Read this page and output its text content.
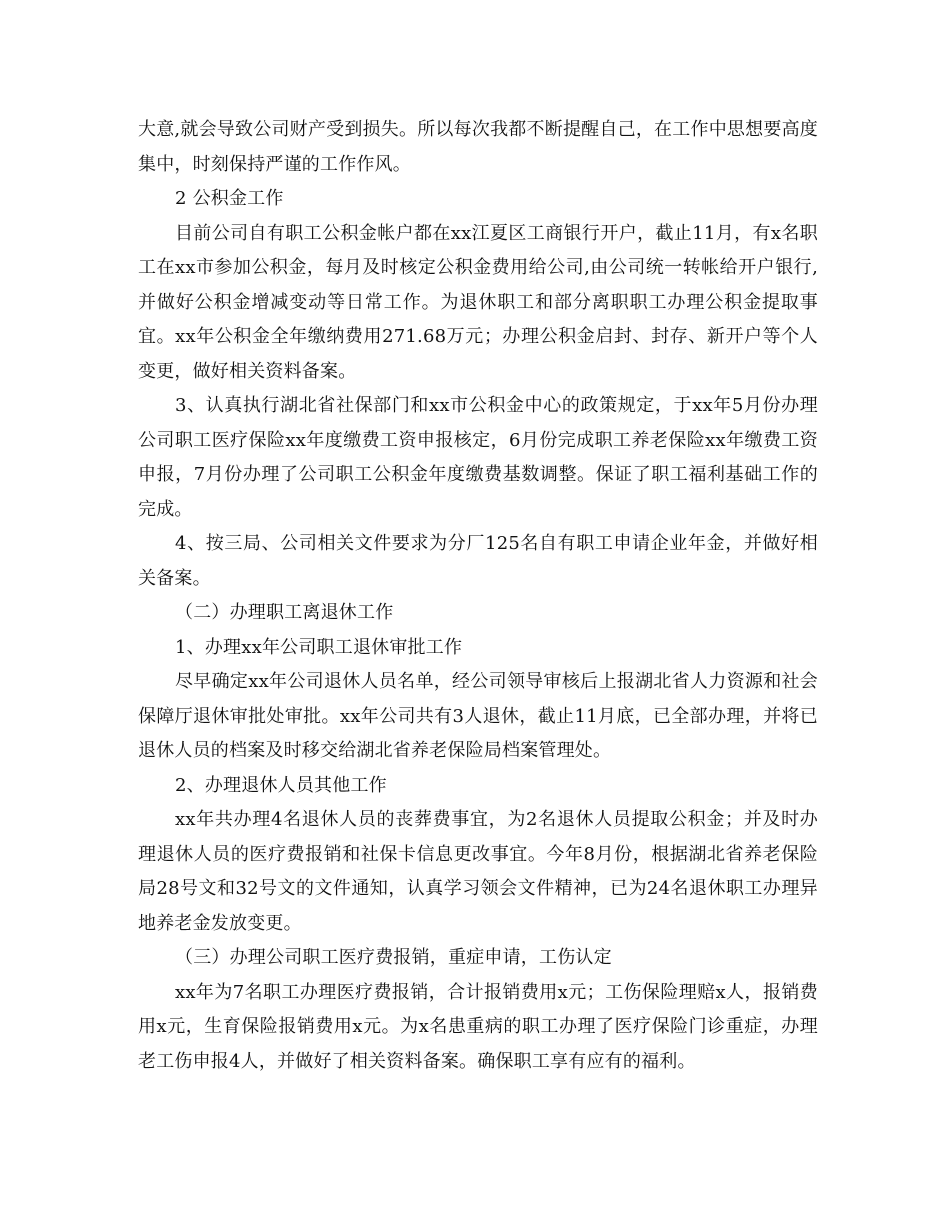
大意,就会导致公司财产受到损失。所以每次我都不断提醒自己，在工作中思想要高度集中，时刻保持严谨的工作作风。

2 公积金工作

目前公司自有职工公积金帐户都在xx江夏区工商银行开户，截止11月，有x名职工在xx市参加公积金，每月及时核定公积金费用给公司,由公司统一转帐给开户银行,并做好公积金增减变动等日常工作。为退休职工和部分离职职工办理公积金提取事宜。xx年公积金全年缴纳费用271.68万元；办理公积金启封、封存、新开户等个人变更，做好相关资料备案。

3、认真执行湖北省社保部门和xx市公积金中心的政策规定，于xx年5月份办理公司职工医疗保险xx年度缴费工资申报核定，6月份完成职工养老保险xx年缴费工资申报，7月份办理了公司职工公积金年度缴费基数调整。保证了职工福利基础工作的完成。

4、按三局、公司相关文件要求为分厂125名自有职工申请企业年金，并做好相关备案。

（二）办理职工离退休工作

1、办理xx年公司职工退休审批工作

尽早确定xx年公司退休人员名单，经公司领导审核后上报湖北省人力资源和社会保障厅退休审批处审批。xx年公司共有3人退休，截止11月底，已全部办理，并将已退休人员的档案及时移交给湖北省养老保险局档案管理处。

2、办理退休人员其他工作

xx年共办理4名退休人员的丧葬费事宜，为2名退休人员提取公积金；并及时办理退休人员的医疗费报销和社保卡信息更改事宜。今年8月份，根据湖北省养老保险局28号文和32号文的文件通知，认真学习领会文件精神，已为24名退休职工办理异地养老金发放变更。

（三）办理公司职工医疗费报销，重症申请，工伤认定

xx年为7名职工办理医疗费报销，合计报销费用x元；工伤保险理赔x人，报销费用x元，生育保险报销费用x元。为x名患重病的职工办理了医疗保险门诊重症，办理老工伤申报4人，并做好了相关资料备案。确保职工享有应有的福利。
